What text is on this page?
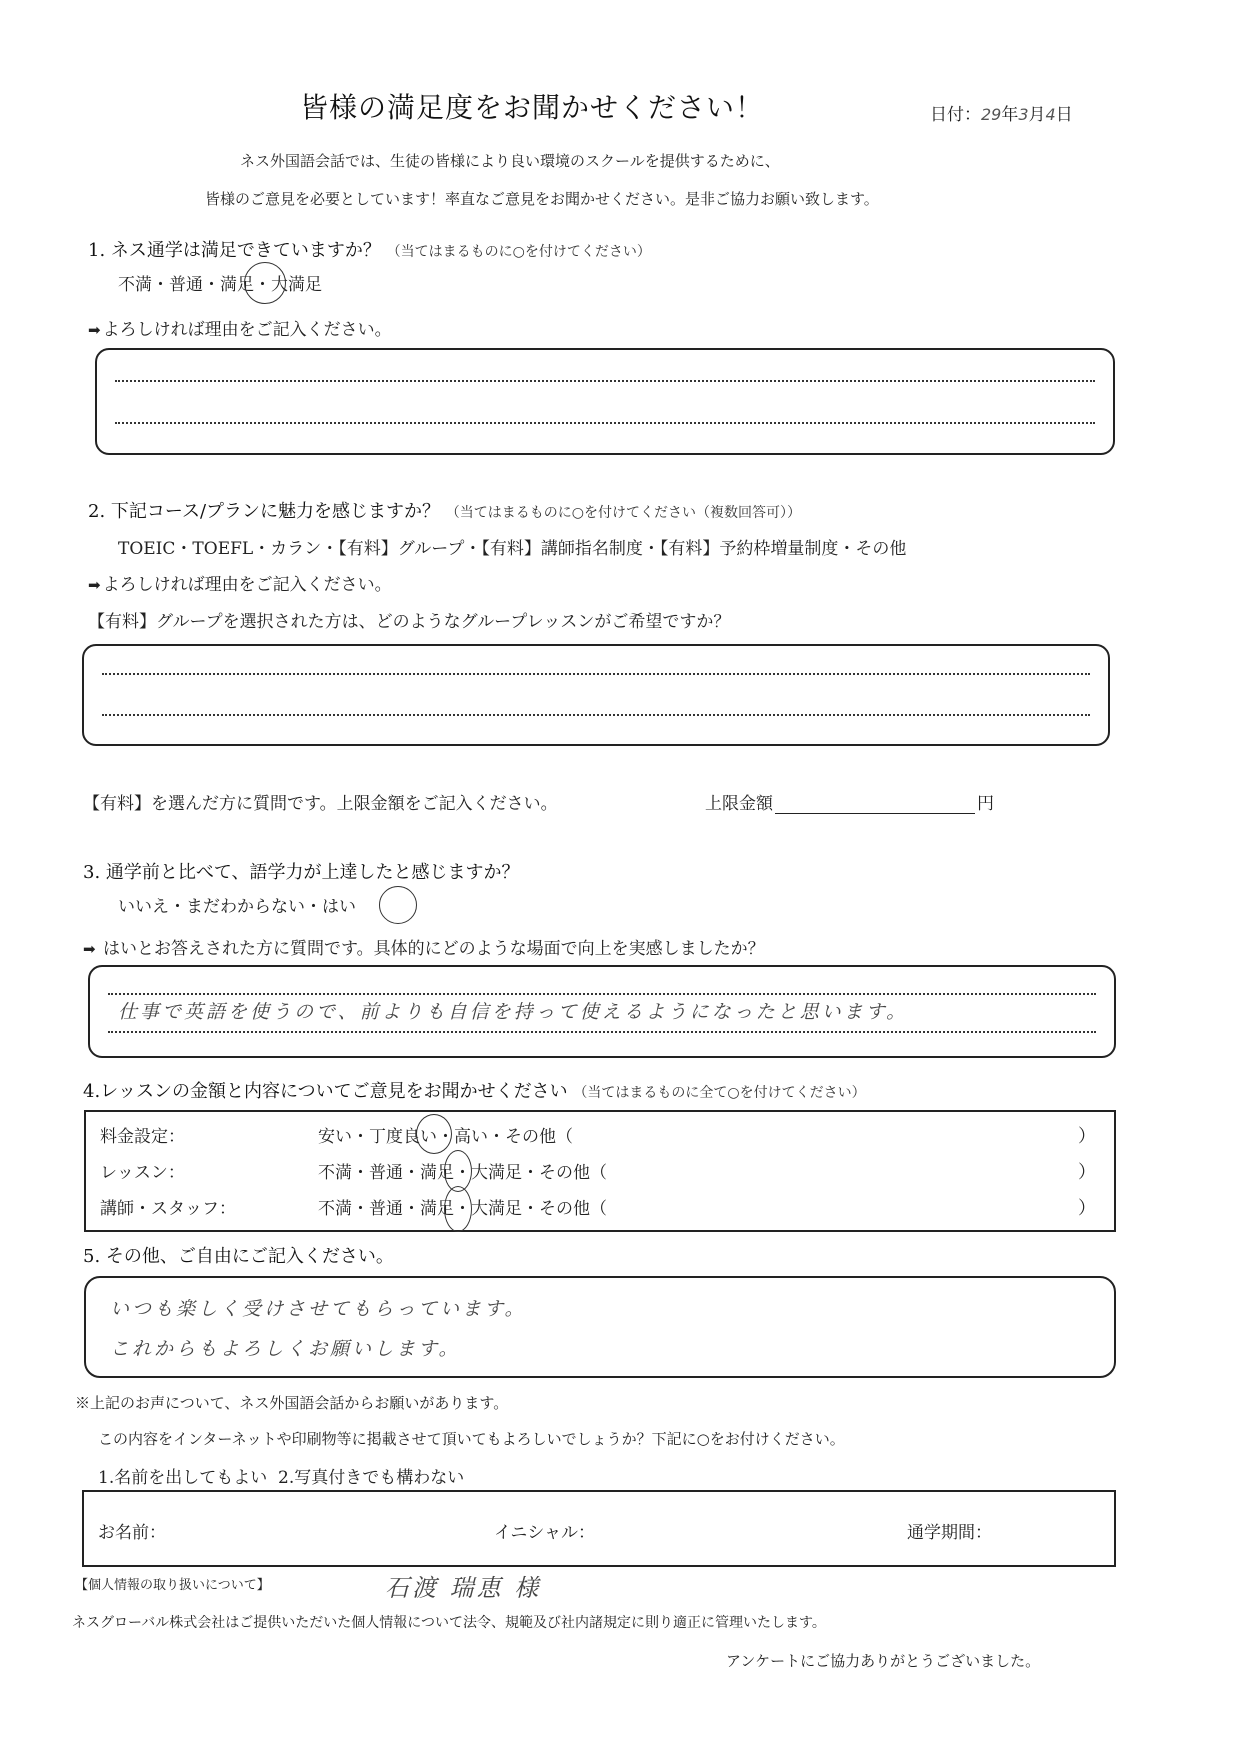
皆様の満足度をお聞かせください！	日付：29年3月4日
ネス外国語会話では、生徒の皆様により良い環境のスクールを提供するために、
皆様のご意見を必要としています！率直なご意見をお聞かせください。是非ご協力お願い致します。
1. ネス通学は満足できていますか？ （当てはまるものに○を付けてください）
不満・普通・満足・大満足
➡ よろしければ理由をご記入ください。
2. 下記コース/プランに魅力を感じますか？ （当てはまるものに○を付けてください（複数回答可））
TOEIC・TOEFL・カラン・【有料】グループ・【有料】講師指名制度・【有料】予約枠増量制度・その他
➡ よろしければ理由をご記入ください。
【有料】グループを選択された方は、どのようなグループレッスンがご希望ですか？
【有料】を選んだ方に質問です。上限金額をご記入ください。	上限金額	円
3. 通学前と比べて、語学力が上達したと感じますか？
いいえ・まだわからない・はい
➡ はいとお答えされた方に質問です。具体的にどのような場面で向上を実感しましたか？
仕事で英語を使うので、前よりも自信を持って使えるようになったと思います。
4.レッスンの金額と内容についてご意見をお聞かせください （当てはまるものに全て○を付けてください）
料金設定：	安い・丁度良い・高い・その他（	）
レッスン：	不満・普通・満足・大満足・その他（	）
講師・スタッフ：	不満・普通・満足・大満足・その他（	）
5. その他、ご自由にご記入ください。
いつも楽しく受けさせてもらっています。
これからもよろしくお願いします。
※上記のお声について、ネス外国語会話からお願いがあります。
この内容をインターネットや印刷物等に掲載させて頂いてもよろしいでしょうか？下記に○をお付けください。
1.名前を出してもよい 2.写真付きでも構わない
お名前：	イニシャル：	通学期間：
【個人情報の取り扱いについて】	石渡 瑞恵 様
ネスグローバル株式会社はご提供いただいた個人情報について法令、規範及び社内諸規定に則り適正に管理いたします。
アンケートにご協力ありがとうございました。
